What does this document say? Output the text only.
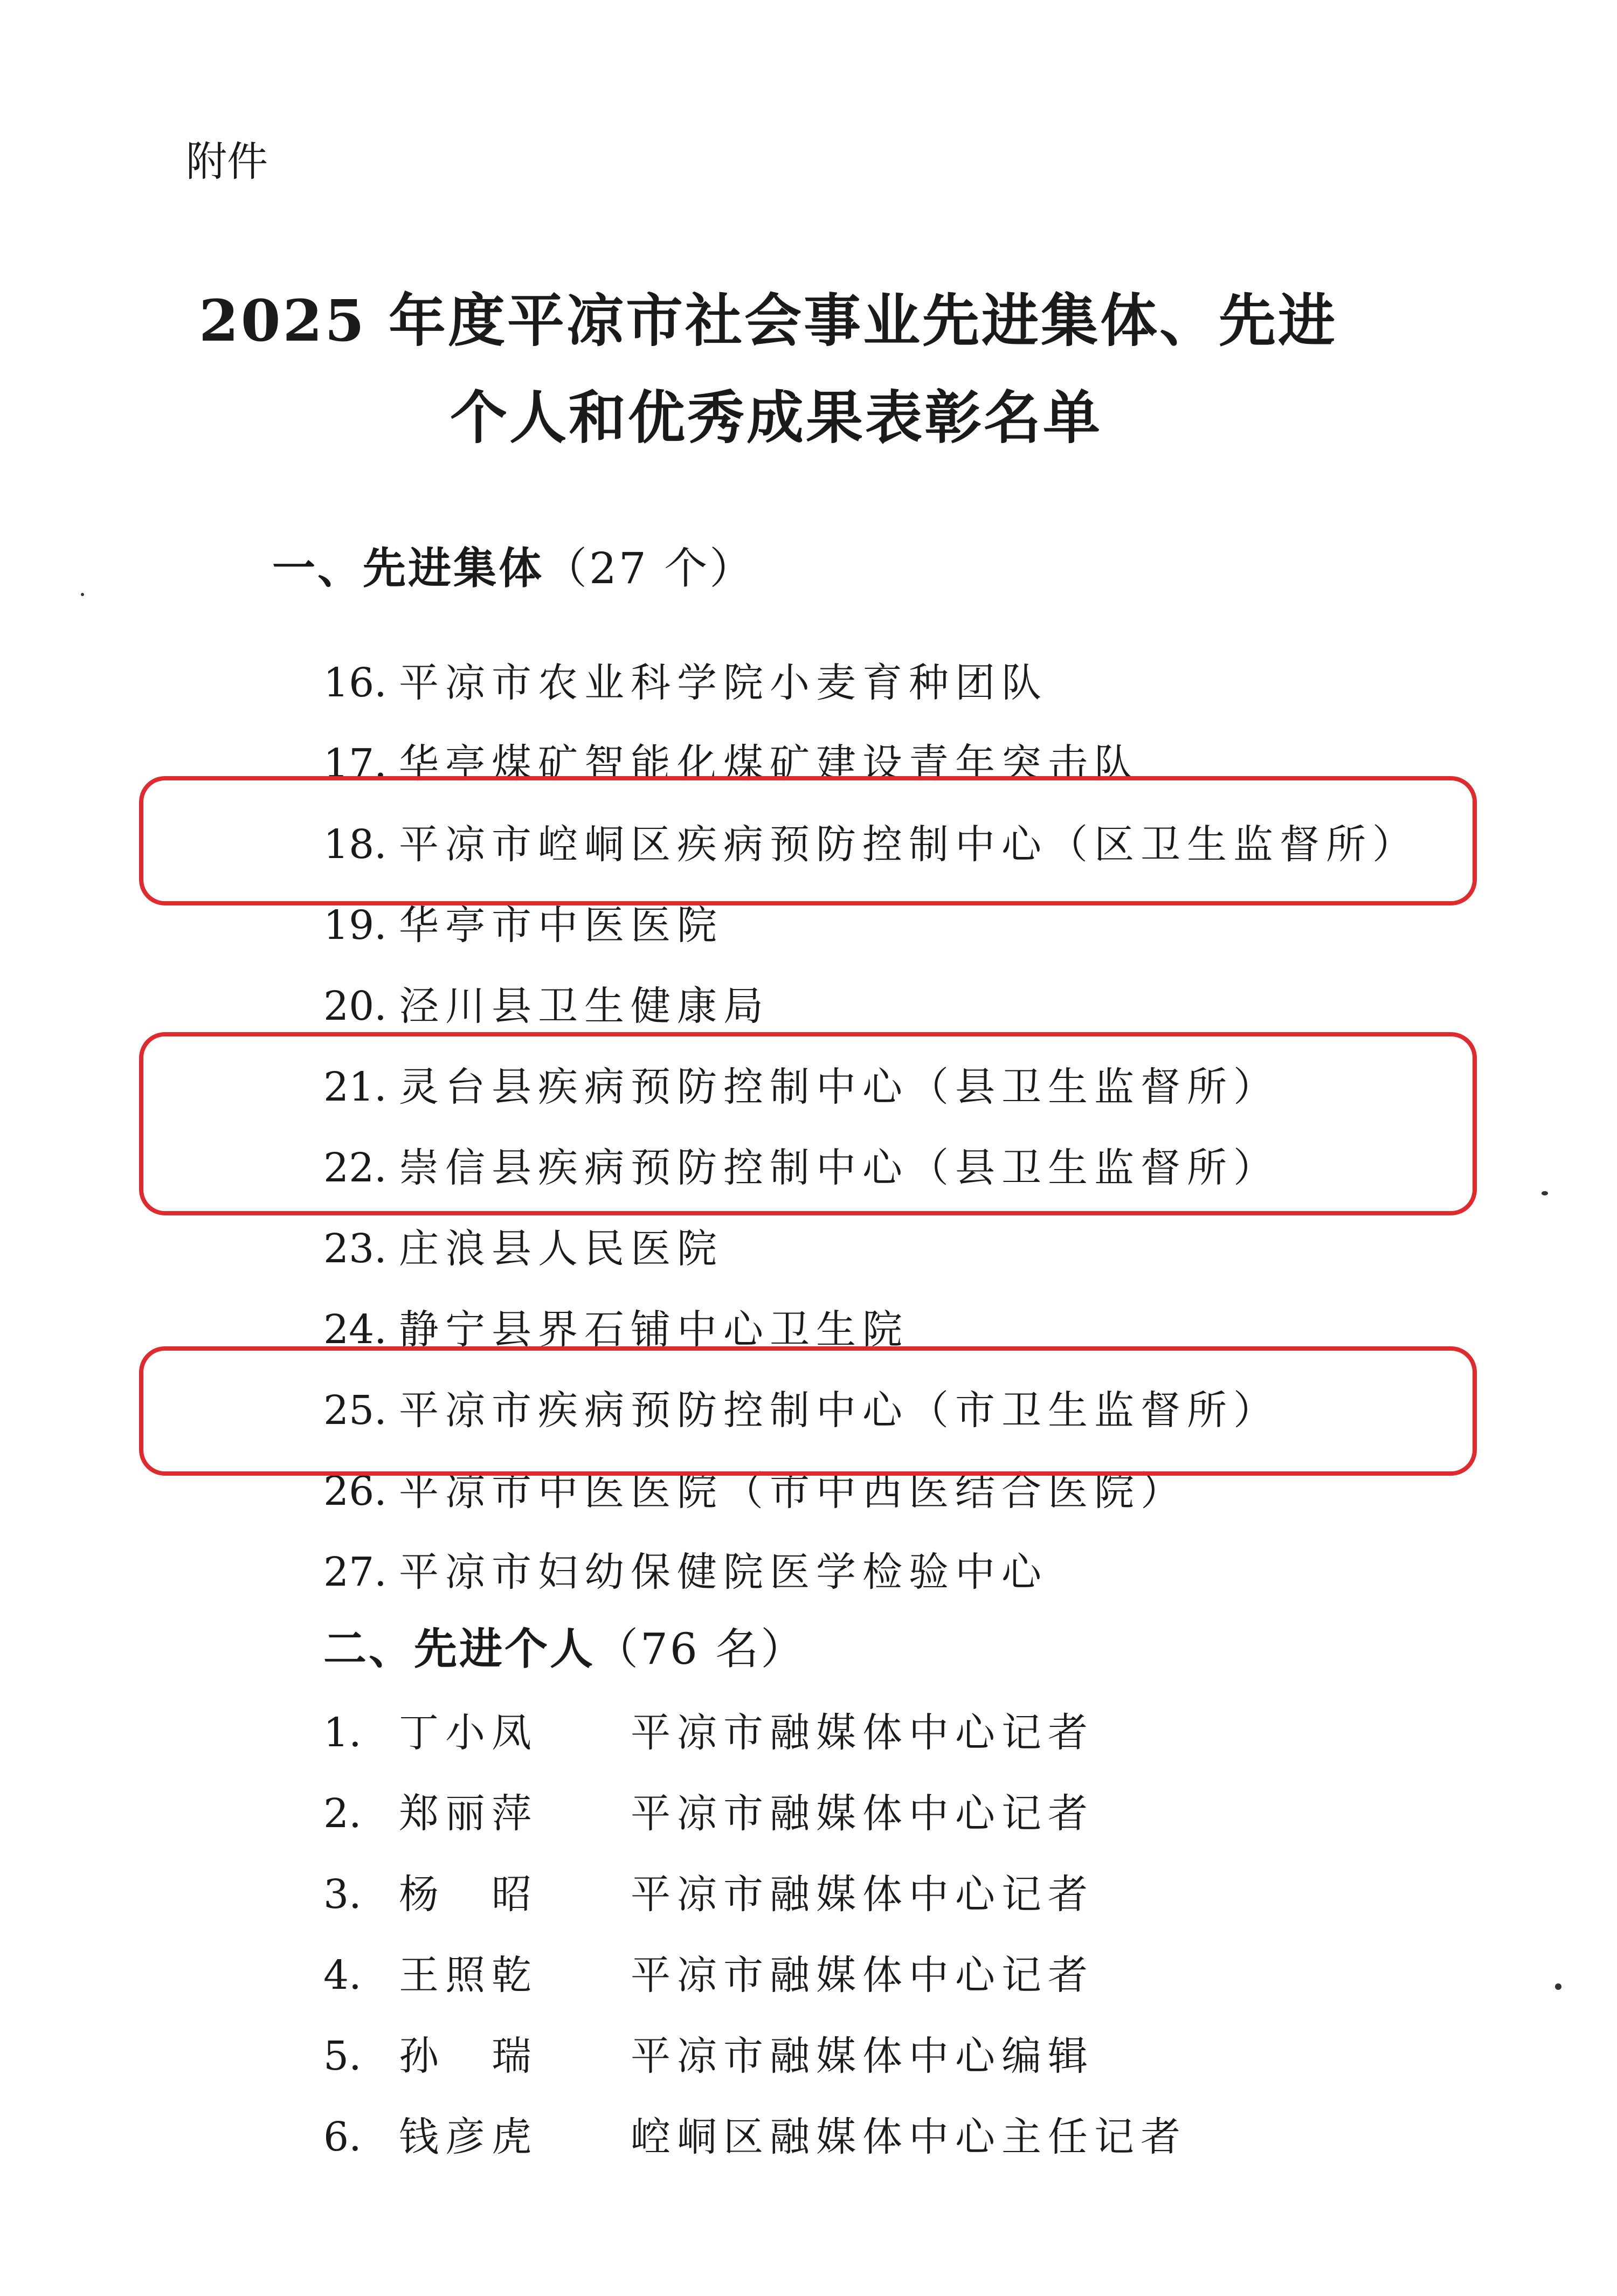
附件
2025 年度平凉市社会事业先进集体、先进
个人和优秀成果表彰名单
一、先进集体（27 个）
16. 平凉市农业科学院小麦育种团队
17. 华亭煤矿智能化煤矿建设青年突击队
18. 平凉市崆峒区疾病预防控制中心（区卫生监督所）
19. 华亭市中医医院
20. 泾川县卫生健康局
21. 灵台县疾病预防控制中心（县卫生监督所）
22. 崇信县疾病预防控制中心（县卫生监督所）
23. 庄浪县人民医院
24. 静宁县界石铺中心卫生院
25. 平凉市疾病预防控制中心（市卫生监督所）
26. 平凉市中医医院（市中西医结合医院）
27. 平凉市妇幼保健院医学检验中心
二、先进个人（76 名）
1. 丁小凤 平凉市融媒体中心记者
2. 郑丽萍 平凉市融媒体中心记者
3. 杨　昭 平凉市融媒体中心记者
4. 王照乾 平凉市融媒体中心记者
5. 孙　瑞 平凉市融媒体中心编辑
6. 钱彦虎 崆峒区融媒体中心主任记者
